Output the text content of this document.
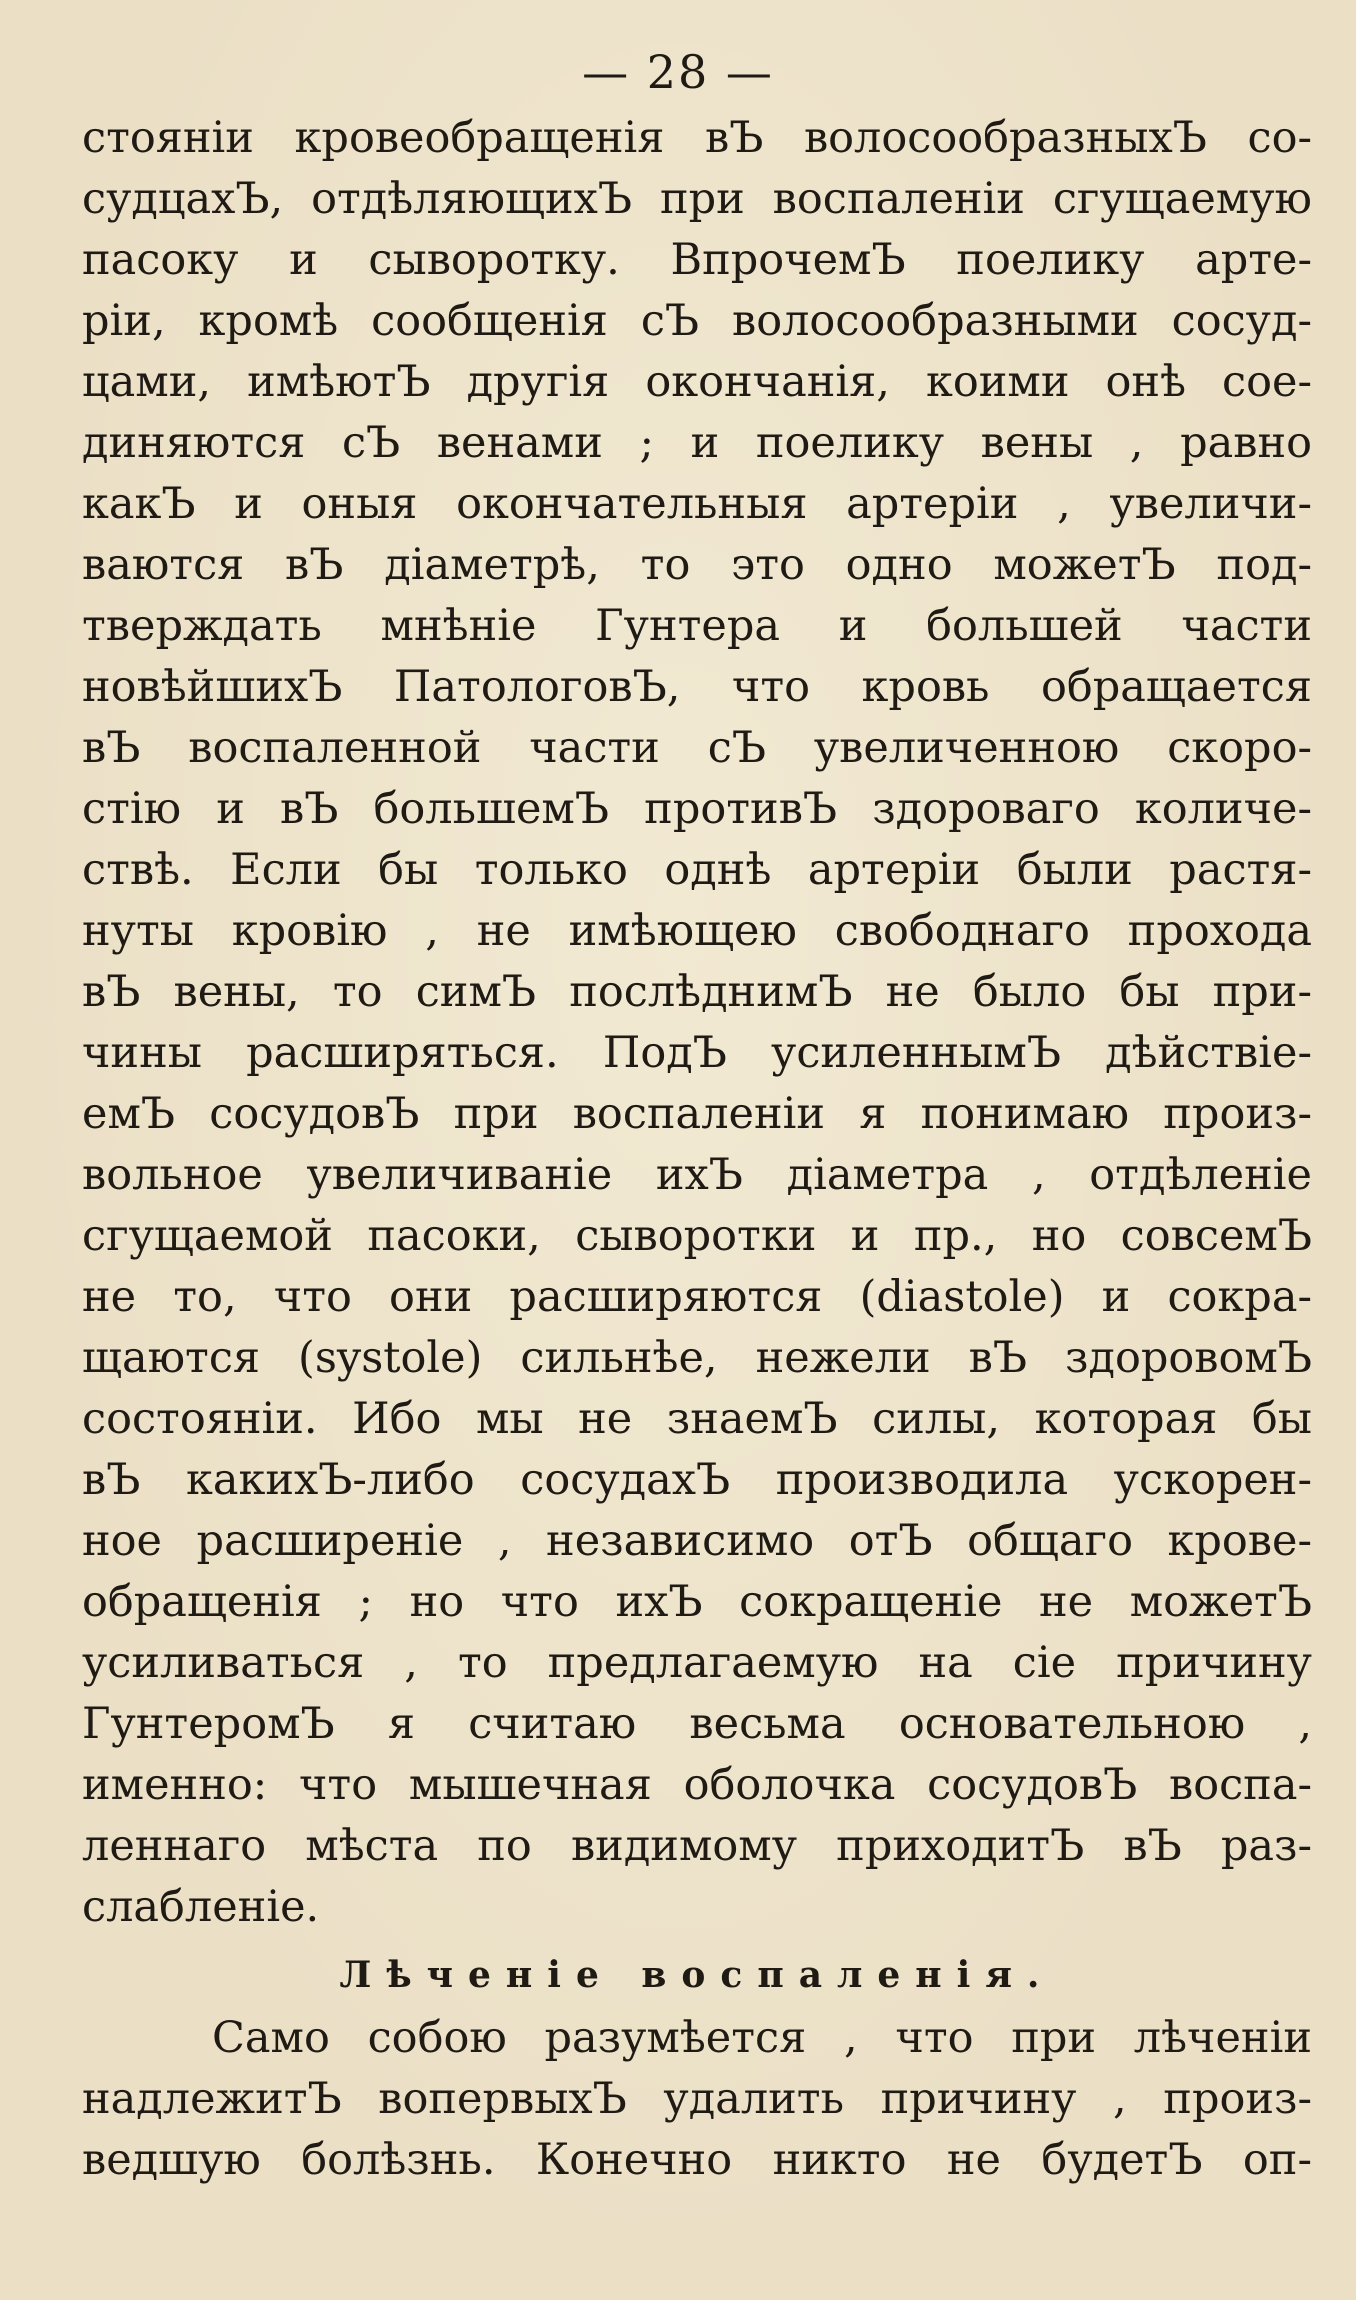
— 28 —
стояніи кровеобращенія вЪ волосообразныхЪ со-
судцахЪ, отдѣляющихЪ при воспаленіи сгущаемую
пасоку и сыворотку. ВпрочемЪ поелику арте-
ріи, кромѣ сообщенія сЪ волосообразными сосуд-
цами, имѣютЪ другія окончанія, коими онѣ сое-
диняются сЪ венами ; и поелику вены , равно
какЪ и оныя окончательныя артеріи , увеличи-
ваются вЪ діаметрѣ, то это одно можетЪ под-
тверждать мнѣніе Гунтера и большей части
новѣйшихЪ ПатологовЪ, что кровь обращается
вЪ воспаленной части сЪ увеличенною скоро-
стію и вЪ большемЪ противЪ здороваго количе-
ствѣ. Если бы только однѣ артеріи были растя-
нуты кровію , не имѣющею свободнаго прохода
вЪ вены, то симЪ послѣднимЪ не было бы при-
чины расширяться. ПодЪ усиленнымЪ дѣйствіе-
емЪ сосудовЪ при воспаленіи я понимаю произ-
вольное увеличиваніе ихЪ діаметра , отдѣленіе
сгущаемой пасоки, сыворотки и пр., но совсемЪ
не то, что они расширяются (diastole) и сокра-
щаются (systole) сильнѣе, нежели вЪ здоровомЪ
состояніи. Ибо мы не знаемЪ силы, которая бы
вЪ какихЪ-либо сосудахЪ производила ускорен-
ное расширеніе , независимо отЪ общаго крове-
обращенія ; но что ихЪ сокращеніе не можетЪ
усиливаться , то предлагаемую на сіе причину
ГунтеромЪ я считаю весьма основательною ,
именно: что мышечная оболочка сосудовЪ воспа-
леннаго мѣста по видимому приходитЪ вЪ раз-
слабленіе.
Лѣченіе воспаленія.
Само собою разумѣется , что при лѣченіи
надлежитЪ вопервыхЪ удалить причину , произ-
ведшую болѣзнь. Конечно никто не будетЪ оп-
